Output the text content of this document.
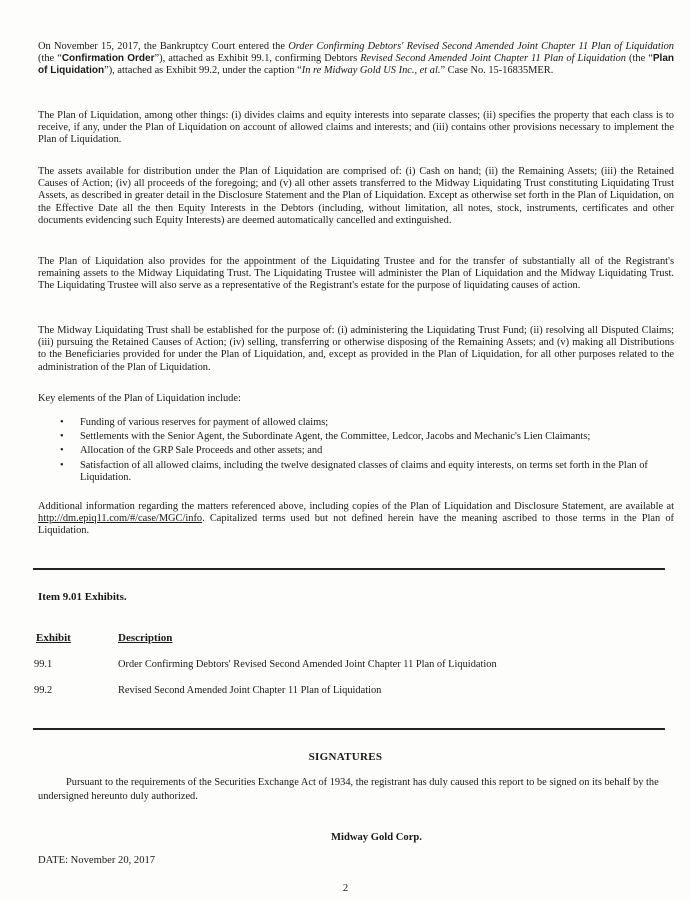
On November 15, 2017, the Bankruptcy Court entered the Order Confirming Debtors' Revised Second Amended Joint Chapter 11 Plan of Liquidation (the “Confirmation Order”), attached as Exhibit 99.1, confirming Debtors Revised Second Amended Joint Chapter 11 Plan of Liquidation (the “Plan of Liquidation”), attached as Exhibit 99.2, under the caption “In re Midway Gold US Inc., et al.” Case No. 15-16835MER.

The Plan of Liquidation, among other things: (i) divides claims and equity interests into separate classes; (ii) specifies the property that each class is to receive, if any, under the Plan of Liquidation on account of allowed claims and interests; and (iii) contains other provisions necessary to implement the Plan of Liquidation.

The assets available for distribution under the Plan of Liquidation are comprised of: (i) Cash on hand; (ii) the Remaining Assets; (iii) the Retained Causes of Action; (iv) all proceeds of the foregoing; and (v) all other assets transferred to the Midway Liquidating Trust constituting Liquidating Trust Assets, as described in greater detail in the Disclosure Statement and the Plan of Liquidation. Except as otherwise set forth in the Plan of Liquidation, on the Effective Date all the then Equity Interests in the Debtors (including, without limitation, all notes, stock, instruments, certificates and other documents evidencing such Equity Interests) are deemed automatically cancelled and extinguished.

The Plan of Liquidation also provides for the appointment of the Liquidating Trustee and for the transfer of substantially all of the Registrant's remaining assets to the Midway Liquidating Trust. The Liquidating Trustee will administer the Plan of Liquidation and the Midway Liquidating Trust. The Liquidating Trustee will also serve as a representative of the Registrant's estate for the purpose of liquidating causes of action.

The Midway Liquidating Trust shall be established for the purpose of: (i) administering the Liquidating Trust Fund; (ii) resolving all Disputed Claims; (iii) pursuing the Retained Causes of Action; (iv) selling, transferring or otherwise disposing of the Remaining Assets; and (v) making all Distributions to the Beneficiaries provided for under the Plan of Liquidation, and, except as provided in the Plan of Liquidation, for all other purposes related to the administration of the Plan of Liquidation.

Key elements of the Plan of Liquidation include:

• Funding of various reserves for payment of allowed claims;
• Settlements with the Senior Agent, the Subordinate Agent, the Committee, Ledcor, Jacobs and Mechanic's Lien Claimants;
• Allocation of the GRP Sale Proceeds and other assets; and
• Satisfaction of all allowed claims, including the twelve designated classes of claims and equity interests, on terms set forth in the Plan of Liquidation.

Additional information regarding the matters referenced above, including copies of the Plan of Liquidation and Disclosure Statement, are available at http://dm.epiq11.com/#/case/MGC/info. Capitalized terms used but not defined herein have the meaning ascribed to those terms in the Plan of Liquidation.

Item 9.01 Exhibits.
Exhibit	Description
99.1	Order Confirming Debtors' Revised Second Amended Joint Chapter 11 Plan of Liquidation
99.2	Revised Second Amended Joint Chapter 11 Plan of Liquidation
SIGNATURES

Pursuant to the requirements of the Securities Exchange Act of 1934, the registrant has duly caused this report to be signed on its behalf by the undersigned hereunto duly authorized.

Midway Gold Corp.
DATE: November 20, 2017
2
